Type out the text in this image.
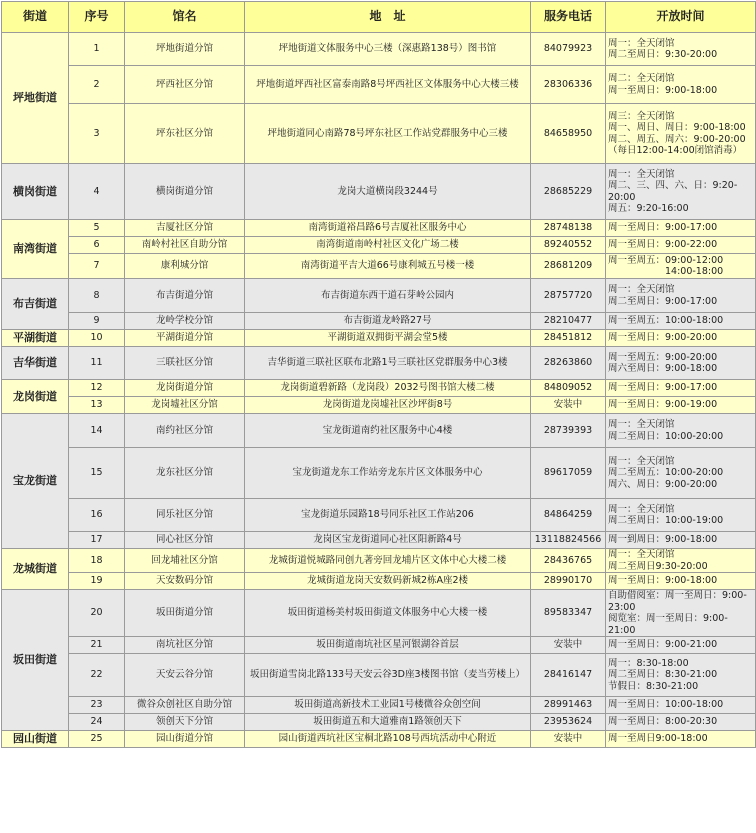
街道	序号	馆名	地　址	服务电话	开放时间
坪地街道	1	坪地街道分馆	坪地街道文体服务中心三楼（深惠路138号）图书馆	84079923	周一：全天闭馆
周二至周日：9:30-20:00
	2	坪西社区分馆	坪地街道坪西社区富泰南路8号坪西社区文体服务中心大楼三楼	28306336	周二：全天闭馆
周一至周日：9:00-18:00
	3	坪东社区分馆	坪地街道同心南路78号坪东社区工作站党群服务中心三楼	84658950	周三：全天闭馆
周一、周日、周日：9:00-18:00
周二、周五、周六：9:00-20:00
（每日12:00-14:00闭馆消毒）
横岗街道	4	横岗街道分馆	龙岗大道横岗段3244号	28685229	周一：全天闭馆
周二、三、四、六、日：9:20-20:00
周五：9:20-16:00
南湾街道	5	吉厦社区分馆	南湾街道裕昌路6号吉厦社区服务中心	28748138	周一至周日：9:00-17:00
	6	南岭村社区自助分馆	南湾街道南岭村社区文化广场二楼	89240552	周一至周日：9:00-22:00
	7	康利城分馆	南湾街道平吉大道66号康利城五号楼一楼	28681209	周一至周五：09:00-12:00
　　　　　　14:00-18:00
布吉街道	8	布吉街道分馆	布吉街道东西干道石芽岭公园内	28757720	周一：全天闭馆
周二至周日：9:00-17:00
	9	龙岭学校分馆	布吉街道龙岭路27号	28210477	周一至周五：10:00-18:00
平湖街道	10	平湖街道分馆	平湖街道双拥街平湖会堂5楼	28451812	周一至周日：9:00-20:00
吉华街道	11	三联社区分馆	吉华街道三联社区联布北路1号三联社区党群服务中心3楼	28263860	周一至周五：9:00-20:00
周六至周日：9:00-18:00
龙岗街道	12	龙岗街道分馆	龙岗街道碧新路（龙岗段）2032号图书馆大楼二楼	84809052	周一至周日：9:00-17:00
	13	龙岗墟社区分馆	龙岗街道龙岗墟社区沙坪街8号	安装中	周一至周日：9:00-19:00
宝龙街道	14	南约社区分馆	宝龙街道南约社区服务中心4楼	28739393	周一：全天闭馆
周二至周日：10:00-20:00
	15	龙东社区分馆	宝龙街道龙东工作站旁龙东片区文体服务中心	89617059	周一：全天闭馆
周二至周五：10:00-20:00
周六、周日：9:00-20:00
	16	同乐社区分馆	宝龙街道乐园路18号同乐社区工作站206	84864259	周一：全天闭馆
周二至周日：10:00-19:00
	17	同心社区分馆	龙岗区宝龙街道同心社区阳新路4号	13118824566	周一到周日：9:00-18:00
龙城街道	18	回龙埔社区分馆	龙城街道悦城路同创九著旁回龙埔片区文体中心大楼二楼	28436765	周一：全天闭馆
周二至周日9:30-20:00
	19	天安数码分馆	龙城街道龙岗天安数码新城2栋A座2楼	28990170	周一至周日：9:00-18:00
坂田街道	20	坂田街道分馆	坂田街道杨美村坂田街道文体服务中心大楼一楼	89583347	自助借阅室：周一至周日：9:00-23:00
阅览室：周一至周日：9:00-21:00
	21	南坑社区分馆	坂田街道南坑社区星河银湖谷首层	安装中	周一至周日：9:00-21:00
	22	天安云谷分馆	坂田街道雪岗北路133号天安云谷3D座3楼图书馆（麦当劳楼上）	28416147	周一：8:30-18:00
周二至周日：8:30-21:00
节假日：8:30-21:00
	23	微谷众创社区自助分馆	坂田街道高新技术工业园1号楼微谷众创空间	28991463	周一至周日：10:00-18:00
	24	领创天下分馆	坂田街道五和大道雅南1路领创天下	23953624	周一至周日：8:00-20:30
园山街道	25	园山街道分馆	园山街道西坑社区宝桐北路108号西坑活动中心附近	安装中	周一至周日9:00-18:00
